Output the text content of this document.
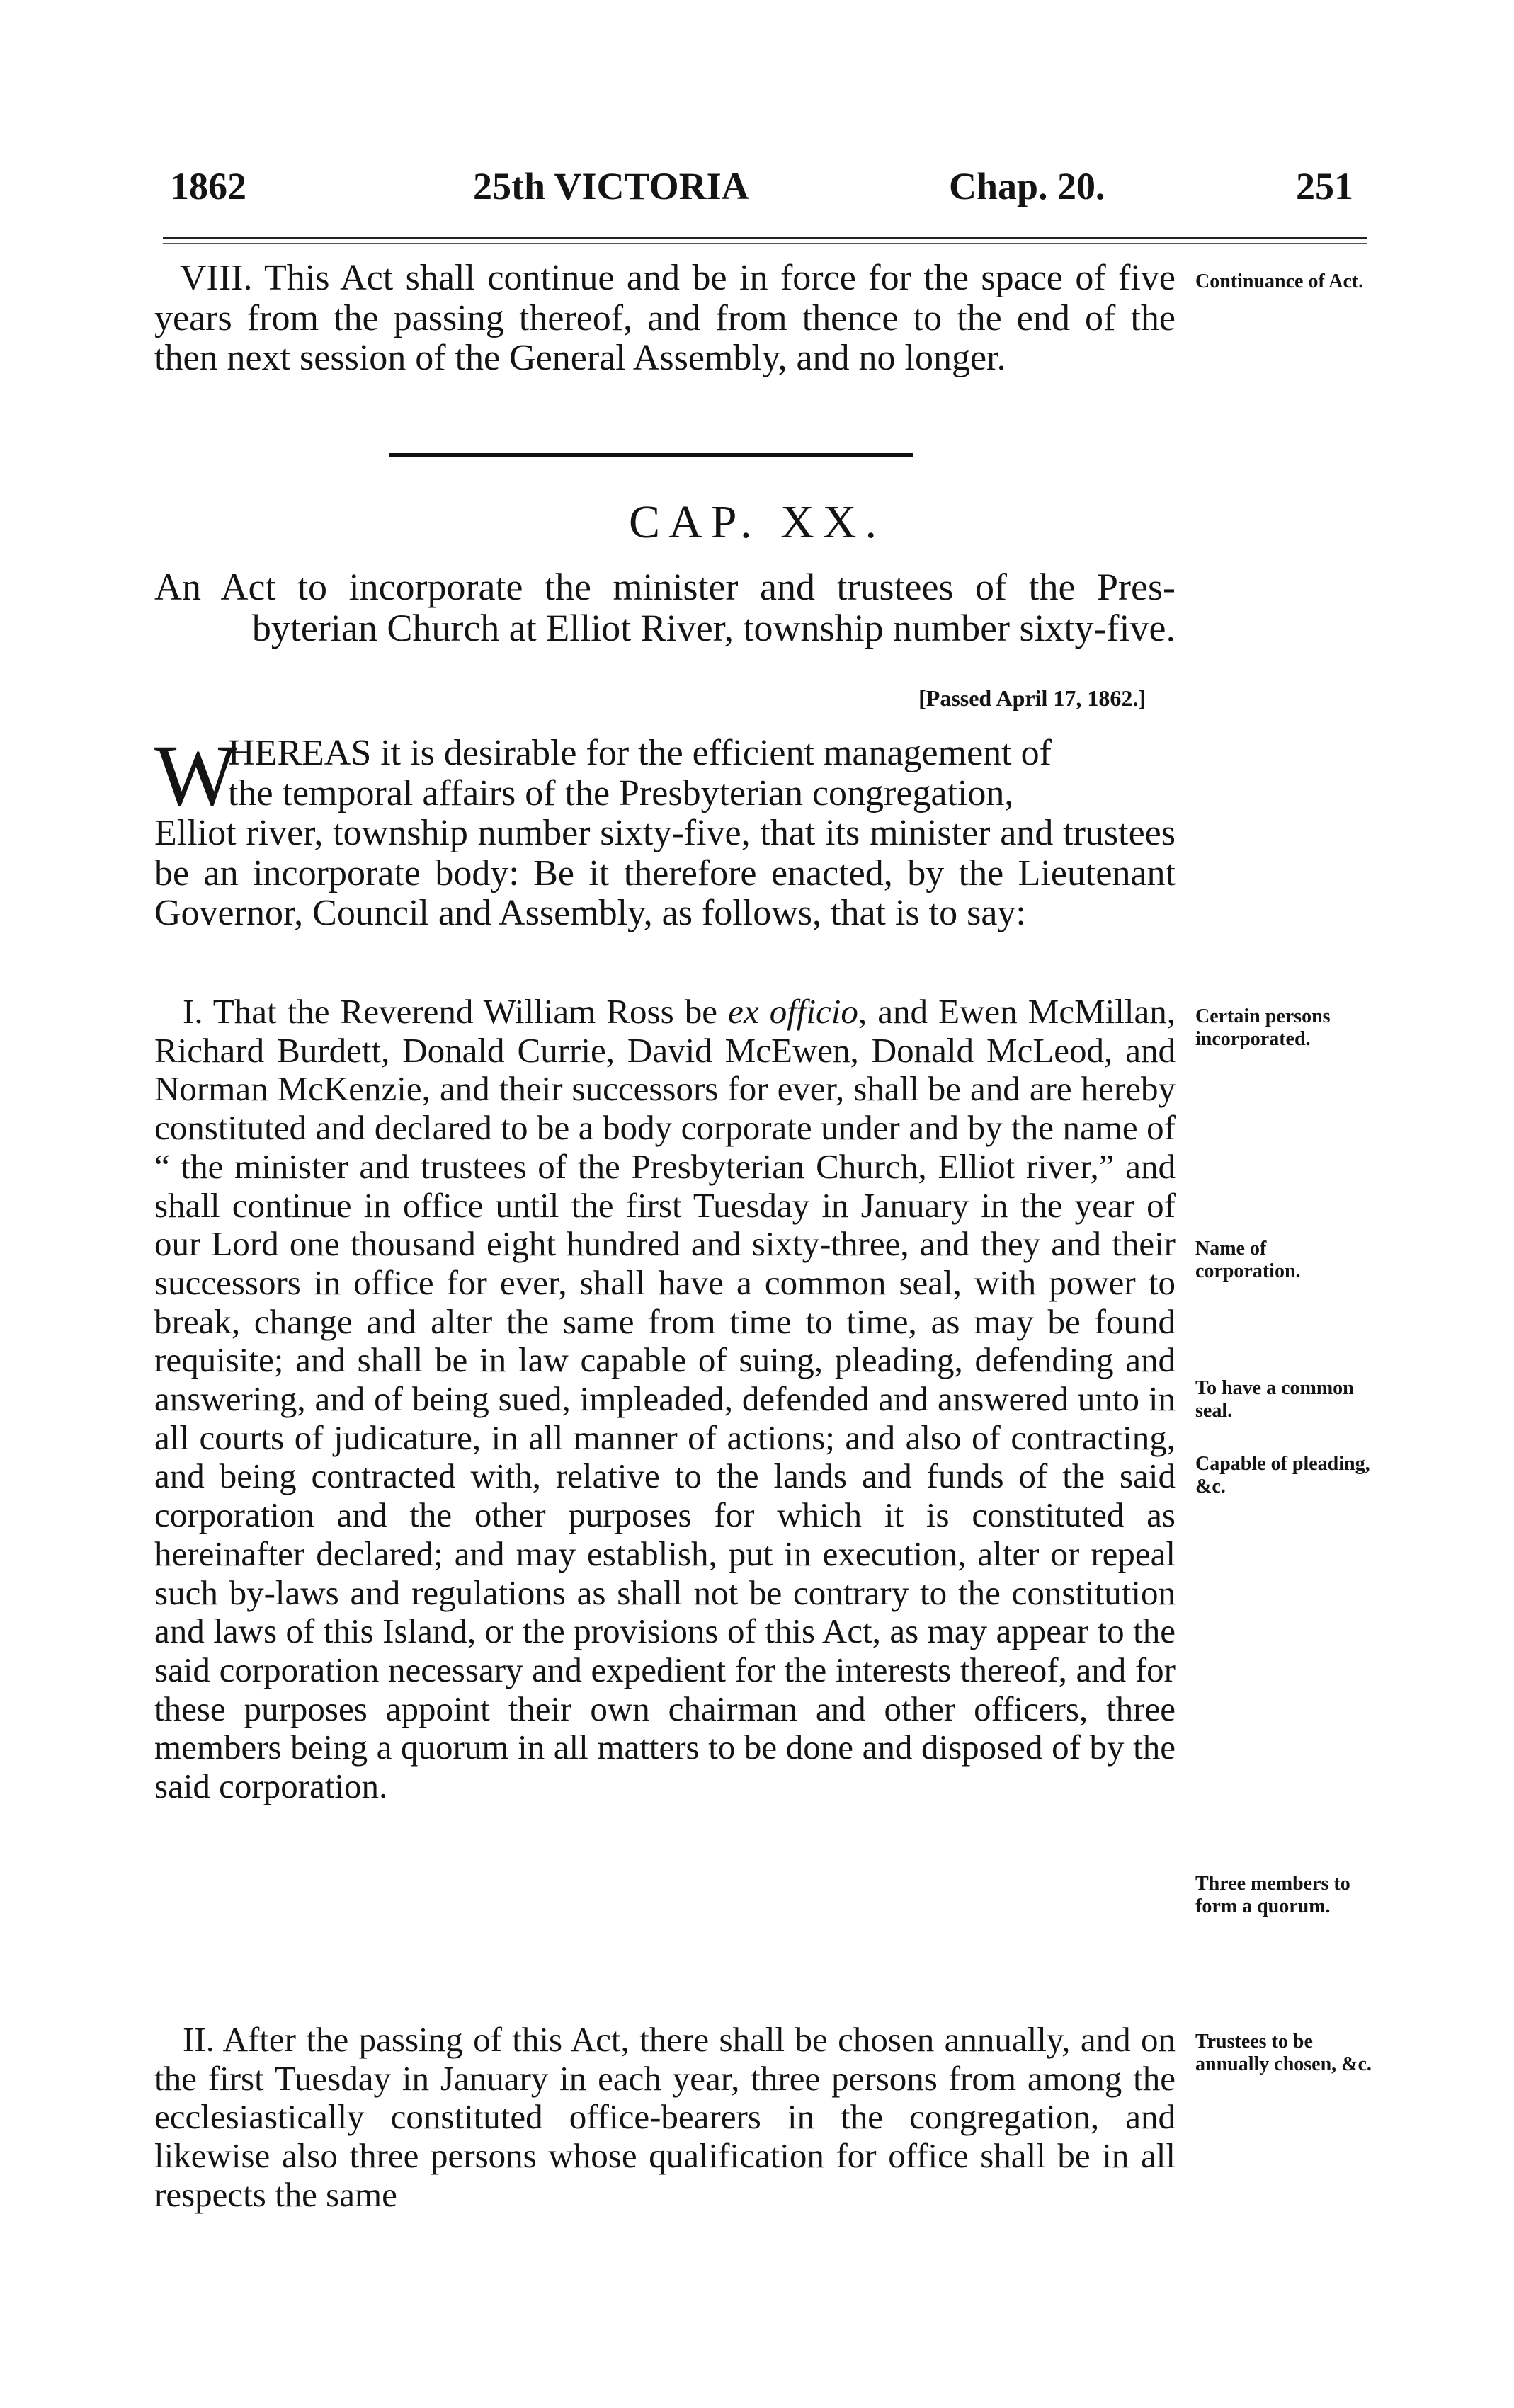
1862	25th VICTORIA	Chap. 20.	251

VIII. This Act shall continue and be in force for the space of five years from the passing thereof, and from thence to the end of the then next session of the General Assembly, and no longer.

Continuance of Act.

CAP. XX.

An Act to incorporate the minister and trustees of the Pres-
byterian Church at Elliot River, township number sixty-five.

[Passed April 17, 1862.]

W

HEREAS it is desirable for the efficient management of
the temporal affairs of the Presbyterian congregation,

Elliot river, township number sixty-five, that its minister and trustees be an incorporate body: Be it therefore enacted, by the Lieutenant Governor, Council and Assembly, as follows, that is to say:

I. That the Reverend William Ross be ex officio, and Ewen McMillan, Richard Burdett, Donald Currie, David McEwen, Donald McLeod, and Norman McKenzie, and their successors for ever, shall be and are hereby constituted and declared to be a body corporate under and by the name of “ the minister and trustees of the Presbyterian Church, Elliot river,” and shall continue in office until the first Tuesday in January in the year of our Lord one thousand eight hundred and sixty-three, and they and their successors in office for ever, shall have a common seal, with power to break, change and alter the same from time to time, as may be found requisite; and shall be in law capable of suing, pleading, defending and answering, and of being sued, impleaded, defended and answered unto in all courts of judicature, in all manner of actions; and also of contracting, and being contracted with, relative to the lands and funds of the said corporation and the other purposes for which it is constituted as hereinafter declared; and may establish, put in execution, alter or repeal such by-laws and regulations as shall not be contrary to the constitution and laws of this Island, or the provisions of this Act, as may appear to the said corporation necessary and expedient for the interests thereof, and for these purposes appoint their own chairman and other officers, three members being a quorum in all matters to be done and disposed of by the said corporation.

Certain persons incorporated.

Name of corporation.

To have a common seal.

Capable of pleading, &c.

Three members to form a quorum.

II. After the passing of this Act, there shall be chosen annually, and on the first Tuesday in January in each year, three persons from among the ecclesiastically constituted office-bearers in the congregation, and likewise also three persons whose qualification for office shall be in all respects the same

Trustees to be annually chosen, &c.
